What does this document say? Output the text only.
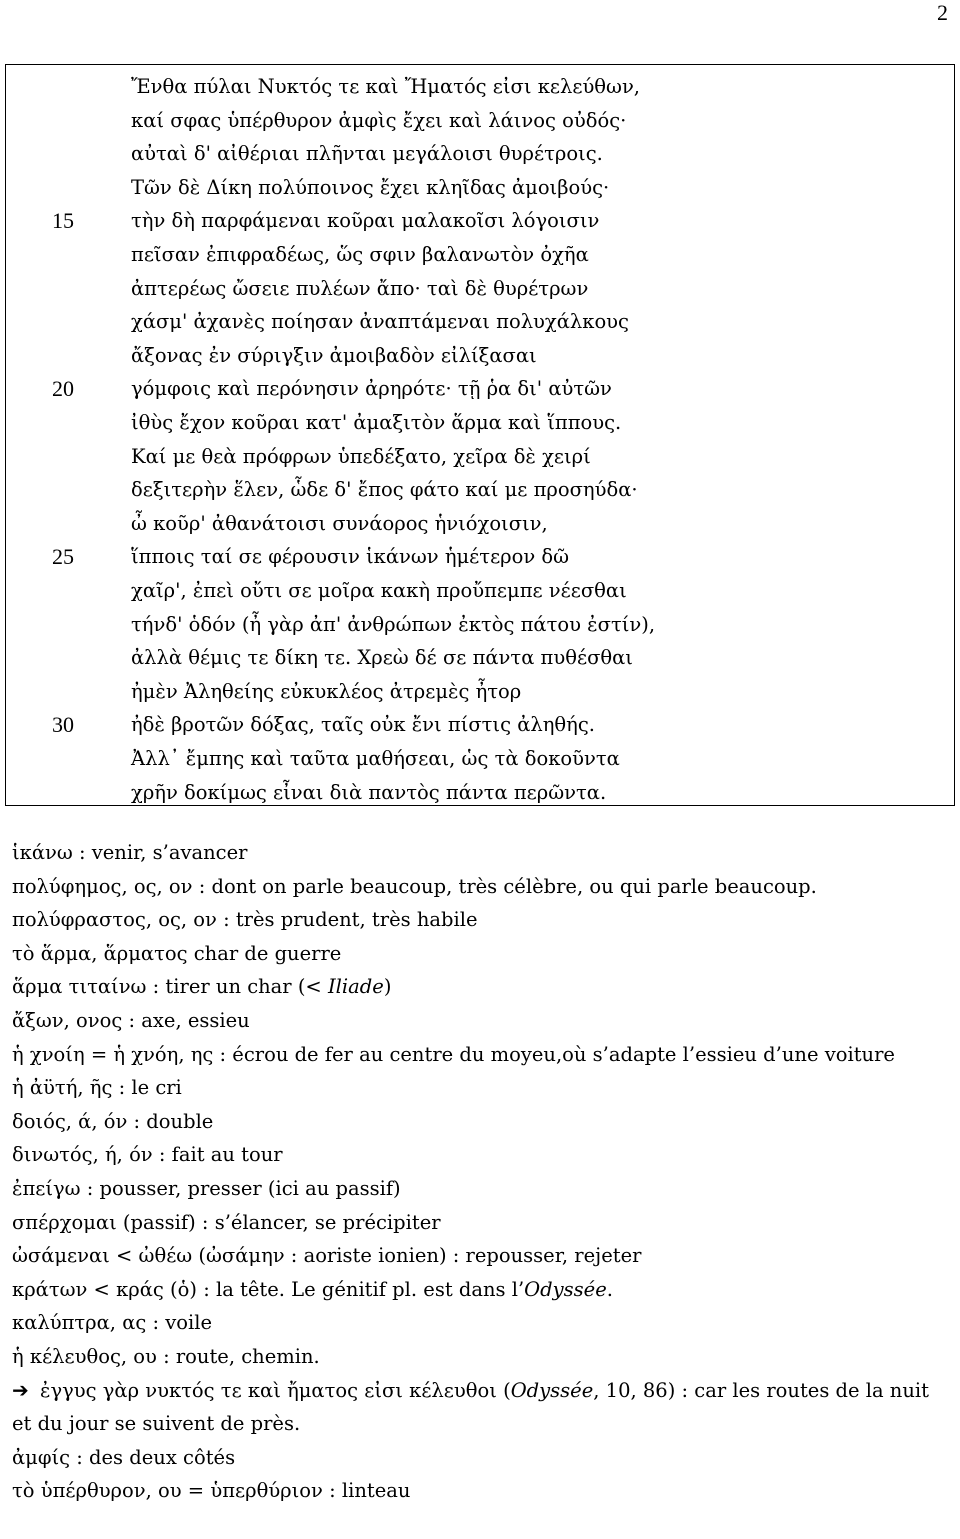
2
Ἔνθα πύλαι Νυκτός τε καὶ Ἤματός εἰσι κελεύθων,
καί σφας ὑπέρθυρον ἀμφὶς ἔχει καὶ λάινος οὐδός·
αὐταὶ δ' αἰθέριαι πλῆνται μεγάλοισι θυρέτροις.
Τῶν δὲ Δίκη πολύποινος ἔχει κληῖδας ἀμοιβούς·
15	τὴν δὴ παρφάμεναι κοῦραι μαλακοῖσι λόγοισιν
πεῖσαν ἐπιφραδέως, ὥς σφιν βαλανωτὸν ὀχῆα
ἀπτερέως ὤσειε πυλέων ἄπο· ταὶ δὲ θυρέτρων
χάσμ' ἀχανὲς ποίησαν ἀναπτάμεναι πολυχάλκους
ἄξονας ἐν σύριγξιν ἀμοιβαδὸν εἰλίξασαι
20	γόμφοις καὶ περόνησιν ἀρηρότε· τῇ ῥα δι' αὐτῶν
ἰθὺς ἔχον κοῦραι κατ' ἀμαξιτὸν ἅρμα καὶ ἵππους.
Καί με θεὰ πρόφρων ὑπεδέξατο, χεῖρα δὲ χειρί
δεξιτερὴν ἕλεν, ὧδε δ' ἔπος φάτο καί με προσηύδα·
ὦ κοῦρ' ἀθανάτοισι συνάορος ἡνιόχοισιν,
25	ἵπποις ταί σε φέρουσιν ἱκάνων ἡμέτερον δῶ
χαῖρ', ἐπεὶ οὔτι σε μοῖρα κακὴ προὔπεμπε νέεσθαι
τήνδ' ὁδόν (ἦ γὰρ ἀπ' ἀνθρώπων ἐκτὸς πάτου ἐστίν),
ἀλλὰ θέμις τε δίκη τε. Χρεὼ δέ σε πάντα πυθέσθαι
ἠμὲν Ἀληθείης εὐκυκλέος ἀτρεμὲς ἦτορ
30	ἠδὲ βροτῶν δόξας, ταῖς οὐκ ἔνι πίστις ἀληθής.
Ἀλλ᾽ ἔμπης καὶ ταῦτα μαθήσεαι, ὡς τὰ δοκοῦντα
χρῆν δοκίμως εἶναι διὰ παντὸς πάντα περῶντα.

ἱκάνω : venir, s’avancer

πολύφημος, ος, ον : dont on parle beaucoup, très célèbre, ou qui parle beaucoup.

πολύφραστος, ος, ον : très prudent, très habile

τὸ ἅρμα, ἅρματος char de guerre

ἅρμα τιταίνω : tirer un char (< Iliade)

ἄξων, ονος : axe, essieu

ἡ χνοίη = ἡ χνόη, ης : écrou de fer au centre du moyeu,où s’adapte l’essieu d’une voiture

ἡ ἀϋτή, ῆς : le cri

δοιός, ά, όν : double

δινωτός, ή, όν : fait au tour

ἐπείγω : pousser, presser (ici au passif)

σπέρχομαι (passif) : s’élancer, se précipiter

ὠσάμεναι < ὠθέω (ὠσάμην : aoriste ionien) : repousser, rejeter

κράτων < κράς (ὁ) : la tête. Le génitif pl. est dans l’Odyssée.

καλύπτρα, ας : voile

ἡ κέλευθος, ου : route, chemin.

➔ ἐγγυς γὰρ νυκτός τε καὶ ἤματος εἰσι κέλευθοι (Odyssée, 10, 86) : car les routes de la nuit et du jour se suivent de près.

ἀμφίς : des deux côtés

τὸ ὑπέρθυρον, ου = ὑπερθύριον : linteau
